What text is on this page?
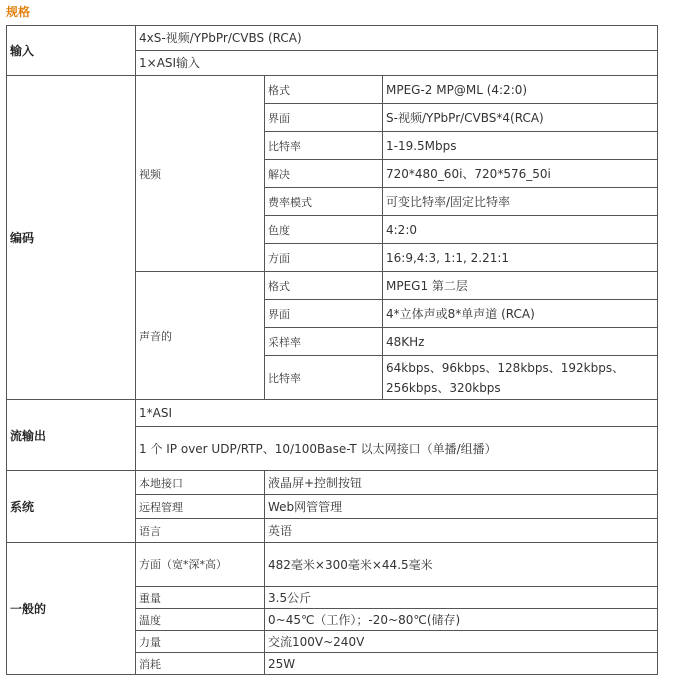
规格
输入	4xS-视频/YPbPr/CVBS (RCA)		
	1×ASI输入		
编码	视频	格式	MPEG-2 MP@ML (4:2:0)
		界面	S-视频/YPbPr/CVBS*4(RCA)
		比特率	1-19.5Mbps
		解决	720*480_60i、720*576_50i
		费率模式	可变比特率/固定比特率
		色度	4:2:0
		方面	16:9,4:3, 1:1, 2.21:1
	声音的	格式	MPEG1 第二层
		界面	4*立体声或8*单声道 (RCA)
		采样率	48KHz
		比特率	64kbps、96kbps、128kbps、192kbps、256kbps、320kbps
流输出	1*ASI		
	1 个 IP over UDP/RTP、10/100Base-T 以太网接口（单播/组播）		
系统	本地接口	液晶屏+控制按钮	
	远程管理	Web网管管理	
	语言	英语	
一般的	方面（宽*深*高）	482毫米×300毫米×44.5毫米	
	重量	3.5公斤	
	温度	0~45℃（工作）；-20~80℃(储存)	
	力量	交流100V~240V	
	消耗	25W	
